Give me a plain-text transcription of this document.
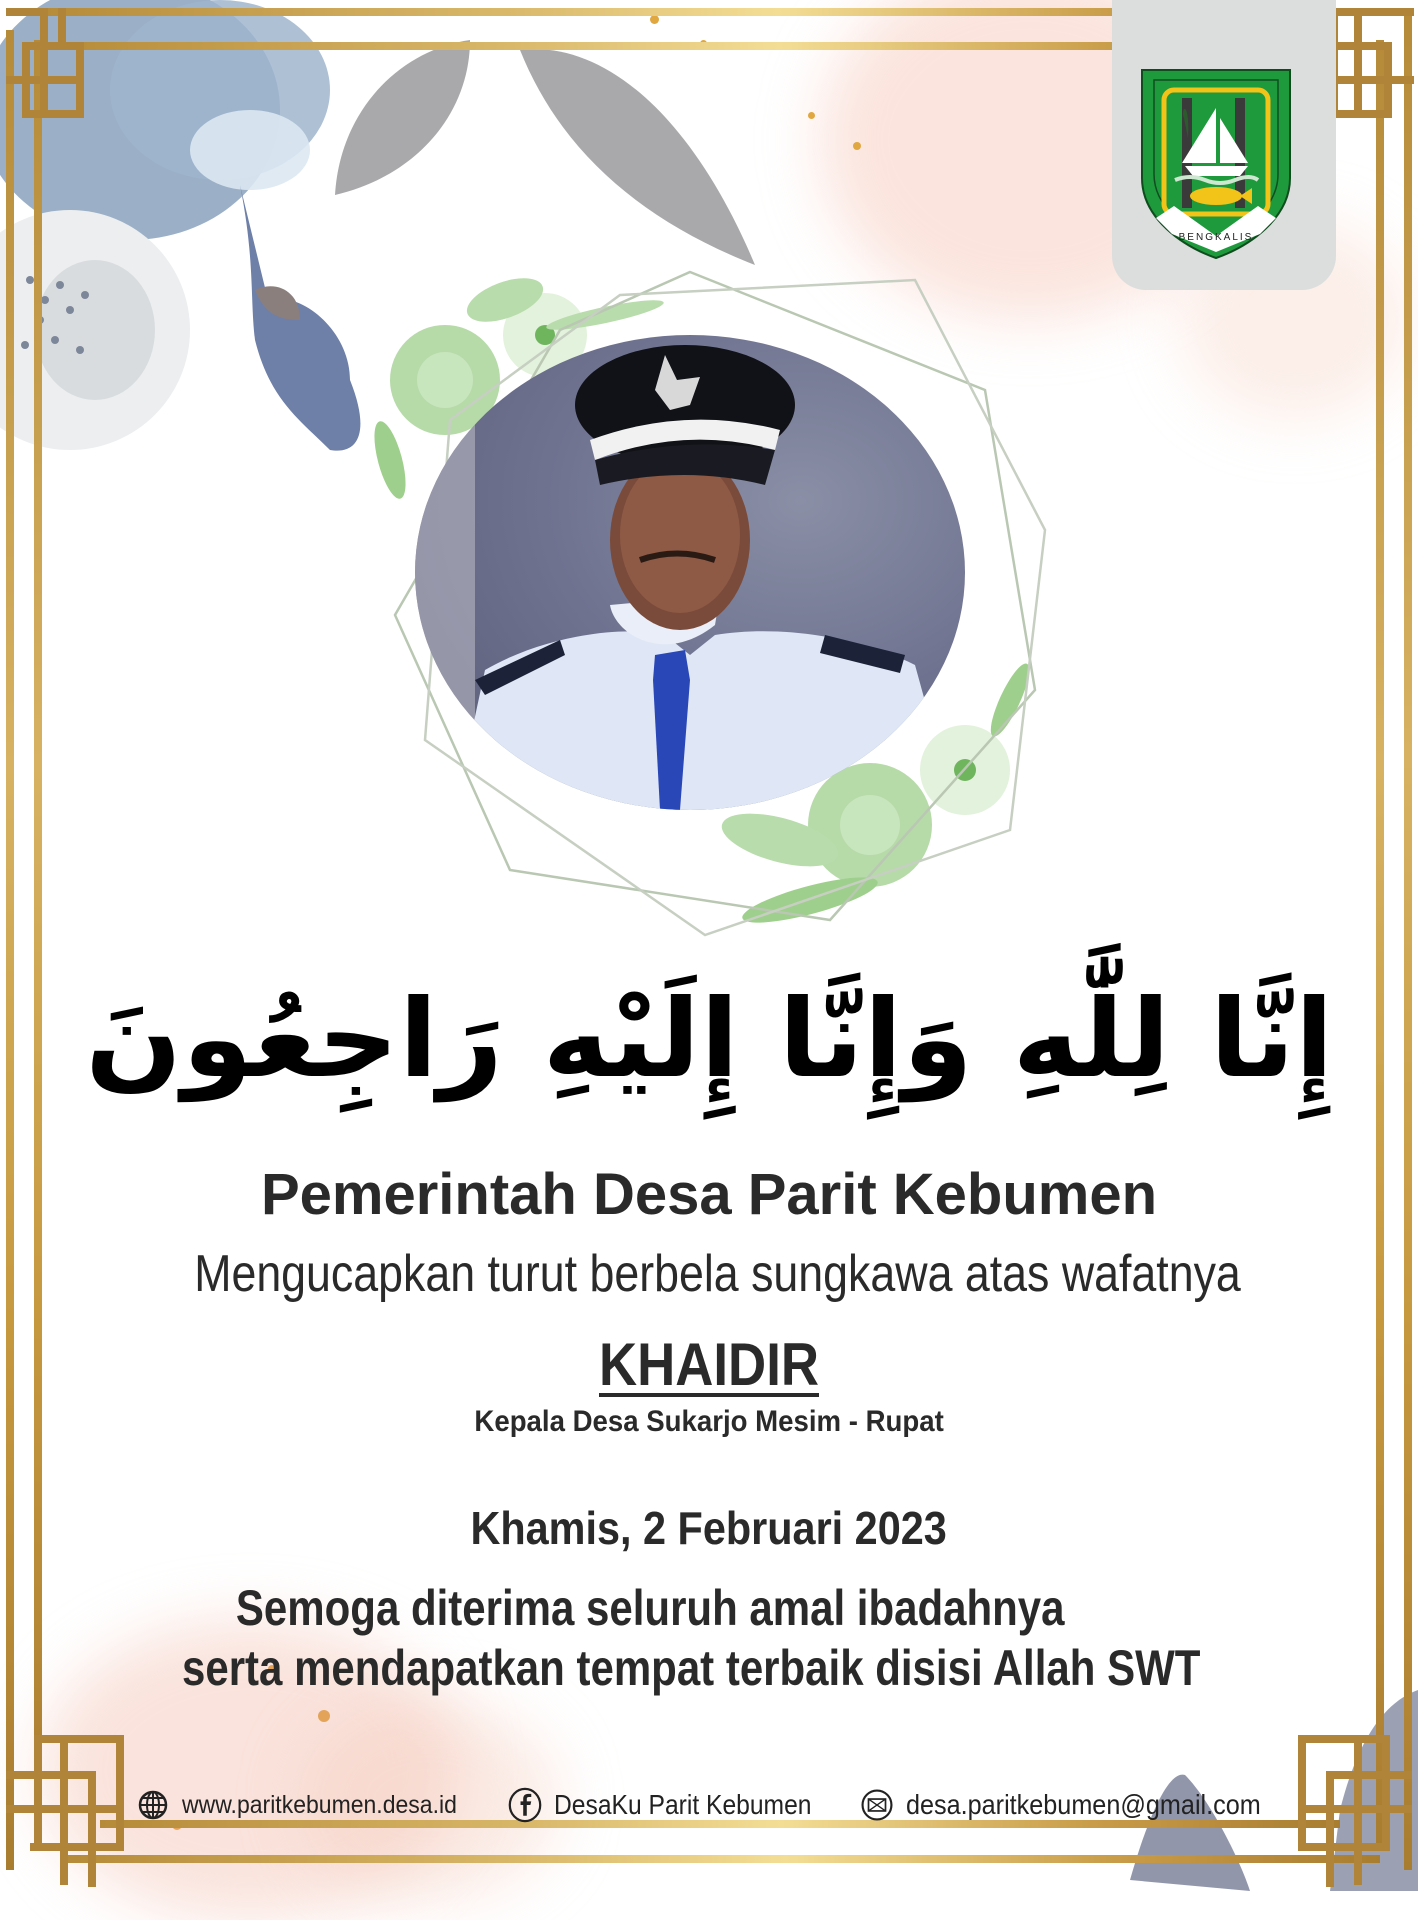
BENGKALIS
إِنَّا لِلَّٰهِ وَإِنَّا إِلَيْهِ رَاجِعُونَ
Pemerintah Desa Parit Kebumen
Mengucapkan turut berbela sungkawa atas wafatnya
KHAIDIR
Kepala Desa Sukarjo Mesim - Rupat
Khamis, 2 Februari 2023
Semoga diterima seluruh amal ibadahnya
serta mendapatkan tempat terbaik disisi Allah SWT
www.paritkebumen.desa.id	DesaKu Parit Kebumen	desa.paritkebumen@gmail.com
